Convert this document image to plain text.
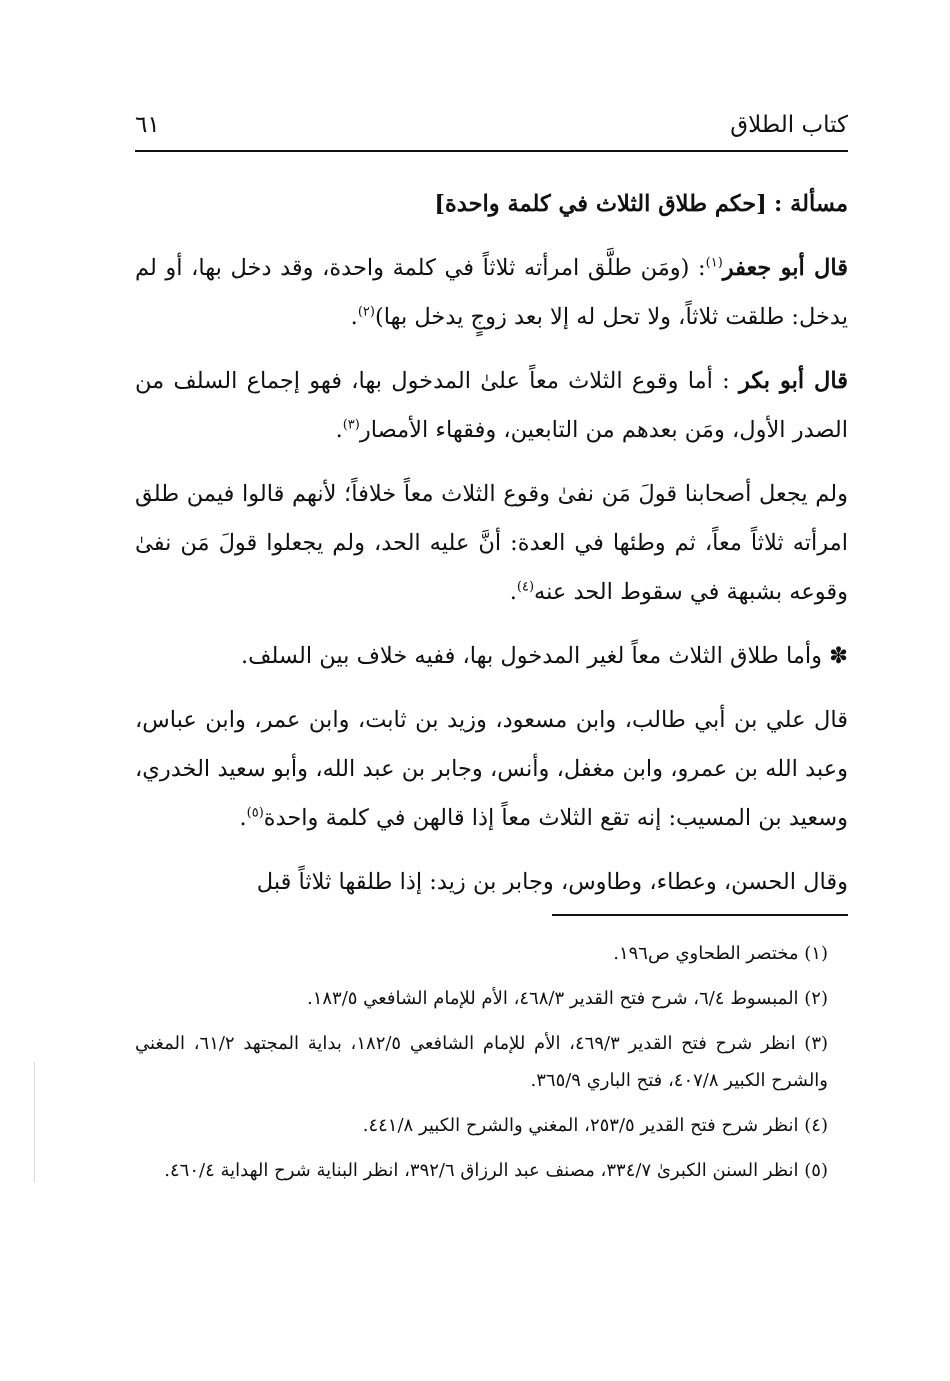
كتاب الطلاق
٦١

مسألة : [حكم طلاق الثلاث في كلمة واحدة]

قال أبو جعفر$^{(١)}$: (ومَن طلَّق امرأته ثلاثاً في كلمة واحدة، وقد دخل بها، أو لم يدخل: طلقت ثلاثاً، ولا تحل له إلا بعد زوجٍ يدخل بها)$^{(٢)}$.

قال أبو بكر : أما وقوع الثلاث معاً علىٰ المدخول بها، فهو إجماع السلف من الصدر الأول، ومَن بعدهم من التابعين، وفقهاء الأمصار$^{(٣)}$.

ولم يجعل أصحابنا قولَ مَن نفىٰ وقوع الثلاث معاً خلافاً؛ لأنهم قالوا فيمن طلق امرأته ثلاثاً معاً، ثم وطئها في العدة: أنَّ عليه الحد، ولم يجعلوا قولَ مَن نفىٰ وقوعه بشبهة في سقوط الحد عنه$^{(٤)}$.

✽ وأما طلاق الثلاث معاً لغير المدخول بها، ففيه خلاف بين السلف.

قال علي بن أبي طالب، وابن مسعود، وزيد بن ثابت، وابن عمر، وابن عباس، وعبد الله بن عمرو، وابن مغفل، وأنس، وجابر بن عبد الله، وأبو سعيد الخدري، وسعيد بن المسيب: إنه تقع الثلاث معاً إذا قالهن في كلمة واحدة$^{(٥)}$.

وقال الحسن، وعطاء، وطاوس، وجابر بن زيد: إذا طلقها ثلاثاً قبل

(١) مختصر الطحاوي ص١٩٦.
(٢) المبسوط ٦/٤، شرح فتح القدير ٤٦٨/٣، الأم للإمام الشافعي ١٨٣/٥.
(٣) انظر شرح فتح القدير ٤٦٩/٣، الأم للإمام الشافعي ١٨٢/٥، بداية المجتهد ٦١/٢، المغني والشرح الكبير ٤٠٧/٨، فتح الباري ٣٦٥/٩.
(٤) انظر شرح فتح القدير ٢٥٣/٥، المغني والشرح الكبير ٤٤١/٨.
(٥) انظر السنن الكبرىٰ ٣٣٤/٧، مصنف عبد الرزاق ٣٩٢/٦، انظر البناية شرح الهداية ٤٦٠/٤.
